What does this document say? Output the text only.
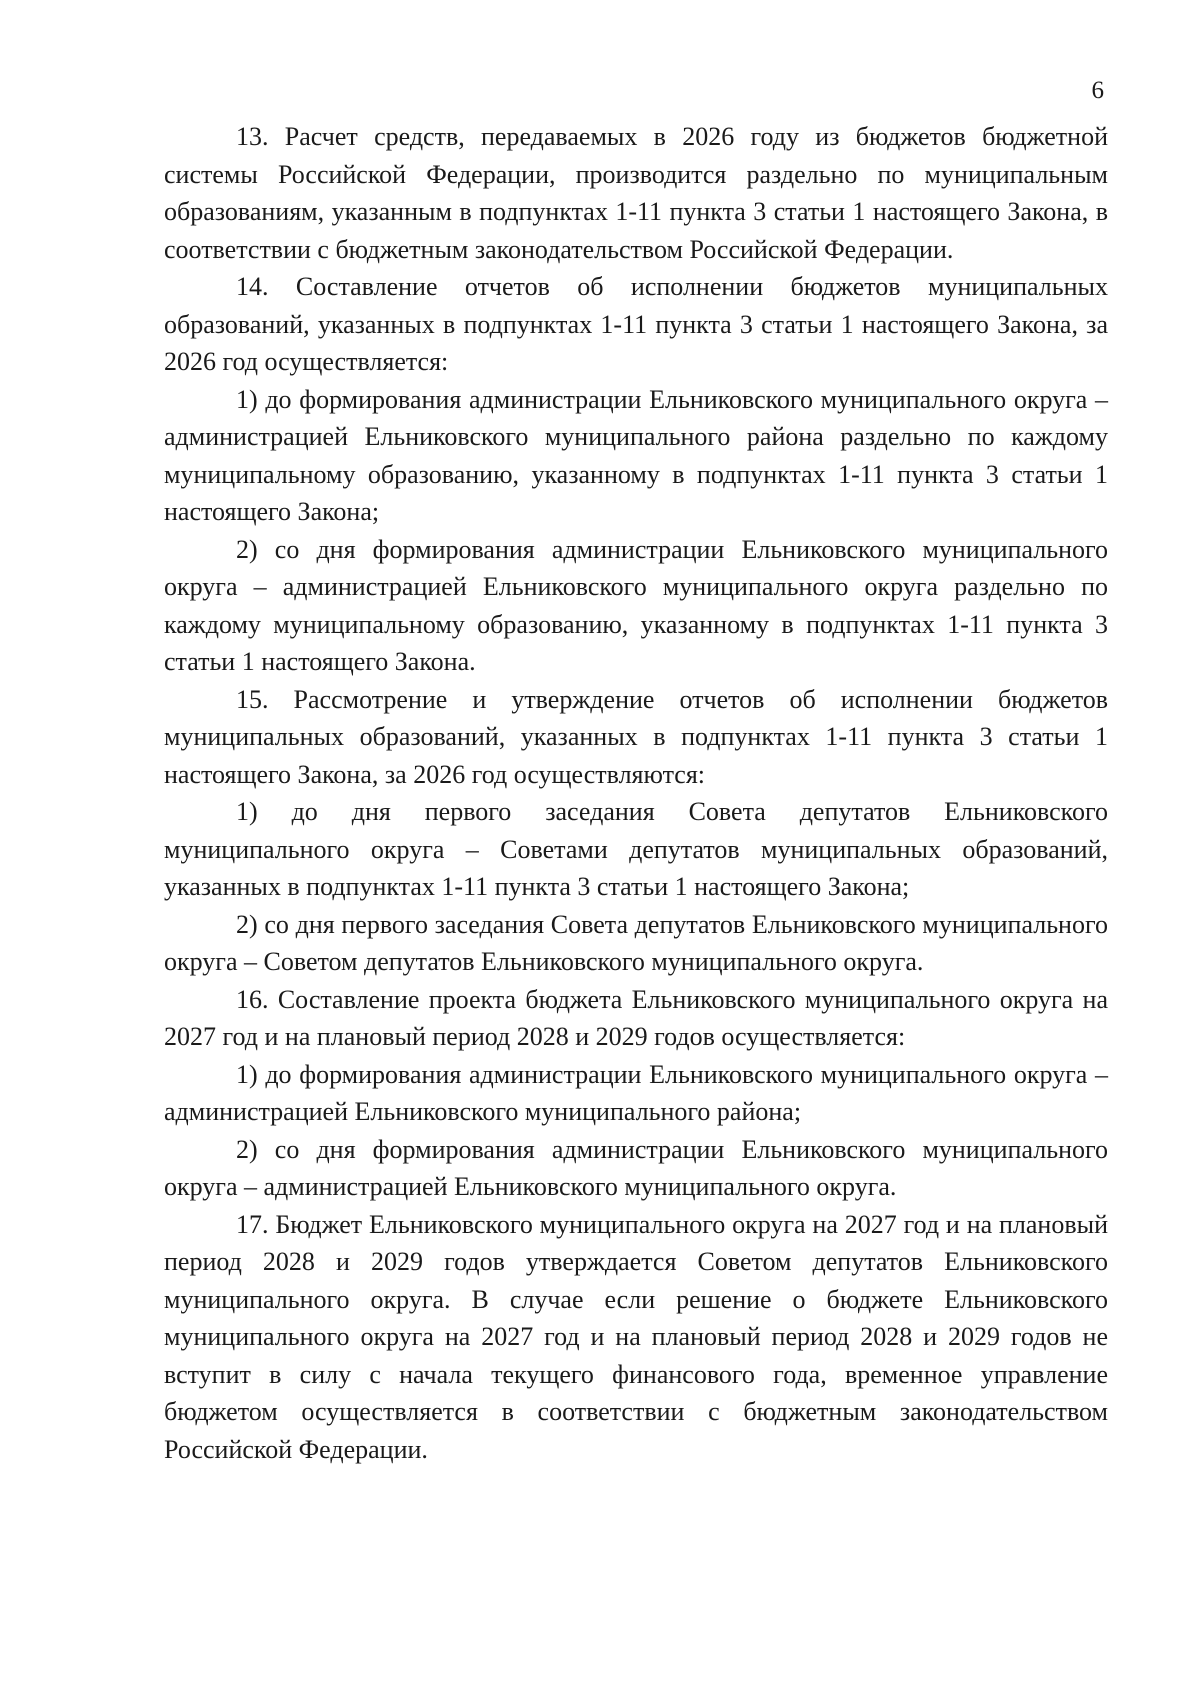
6

13. Расчет средств, передаваемых в 2026 году из бюджетов бюджетной системы Российской Федерации, производится раздельно по муниципальным образованиям, указанным в подпунктах 1-11 пункта 3 статьи 1 настоящего Закона, в соответствии с бюджетным законодательством Российской Федерации.

14. Составление отчетов об исполнении бюджетов муниципальных образований, указанных в подпунктах 1-11 пункта 3 статьи 1 настоящего Закона, за 2026 год осуществляется:

1) до формирования администрации Ельниковского муниципального округа – администрацией Ельниковского муниципального района раздельно по каждому муниципальному образованию, указанному в подпунктах 1-11 пункта 3 статьи 1 настоящего Закона;

2) со дня формирования администрации Ельниковского муниципального округа – администрацией Ельниковского муниципального округа раздельно по каждому муниципальному образованию, указанному в подпунктах 1-11 пункта 3 статьи 1 настоящего Закона.

15. Рассмотрение и утверждение отчетов об исполнении бюджетов муниципальных образований, указанных в подпунктах 1-11 пункта 3 статьи 1 настоящего Закона, за 2026 год осуществляются:

1) до дня первого заседания Совета депутатов Ельниковского муниципального округа – Советами депутатов муниципальных образований, указанных в подпунктах 1-11 пункта 3 статьи 1 настоящего Закона;

2) со дня первого заседания Совета депутатов Ельниковского муниципального округа – Советом депутатов Ельниковского муниципального округа.

16. Составление проекта бюджета Ельниковского муниципального округа на 2027 год и на плановый период 2028 и 2029 годов осуществляется:

1) до формирования администрации Ельниковского муниципального округа – администрацией Ельниковского муниципального района;

2) со дня формирования администрации Ельниковского муниципального округа – администрацией Ельниковского муниципального округа.

17. Бюджет Ельниковского муниципального округа на 2027 год и на плановый период 2028 и 2029 годов утверждается Советом депутатов Ельниковского муниципального округа. В случае если решение о бюджете Ельниковского муниципального округа на 2027 год и на плановый период 2028 и 2029 годов не вступит в силу с начала текущего финансового года, временное управление бюджетом осуществляется в соответствии с бюджетным законодательством Российской Федерации.
